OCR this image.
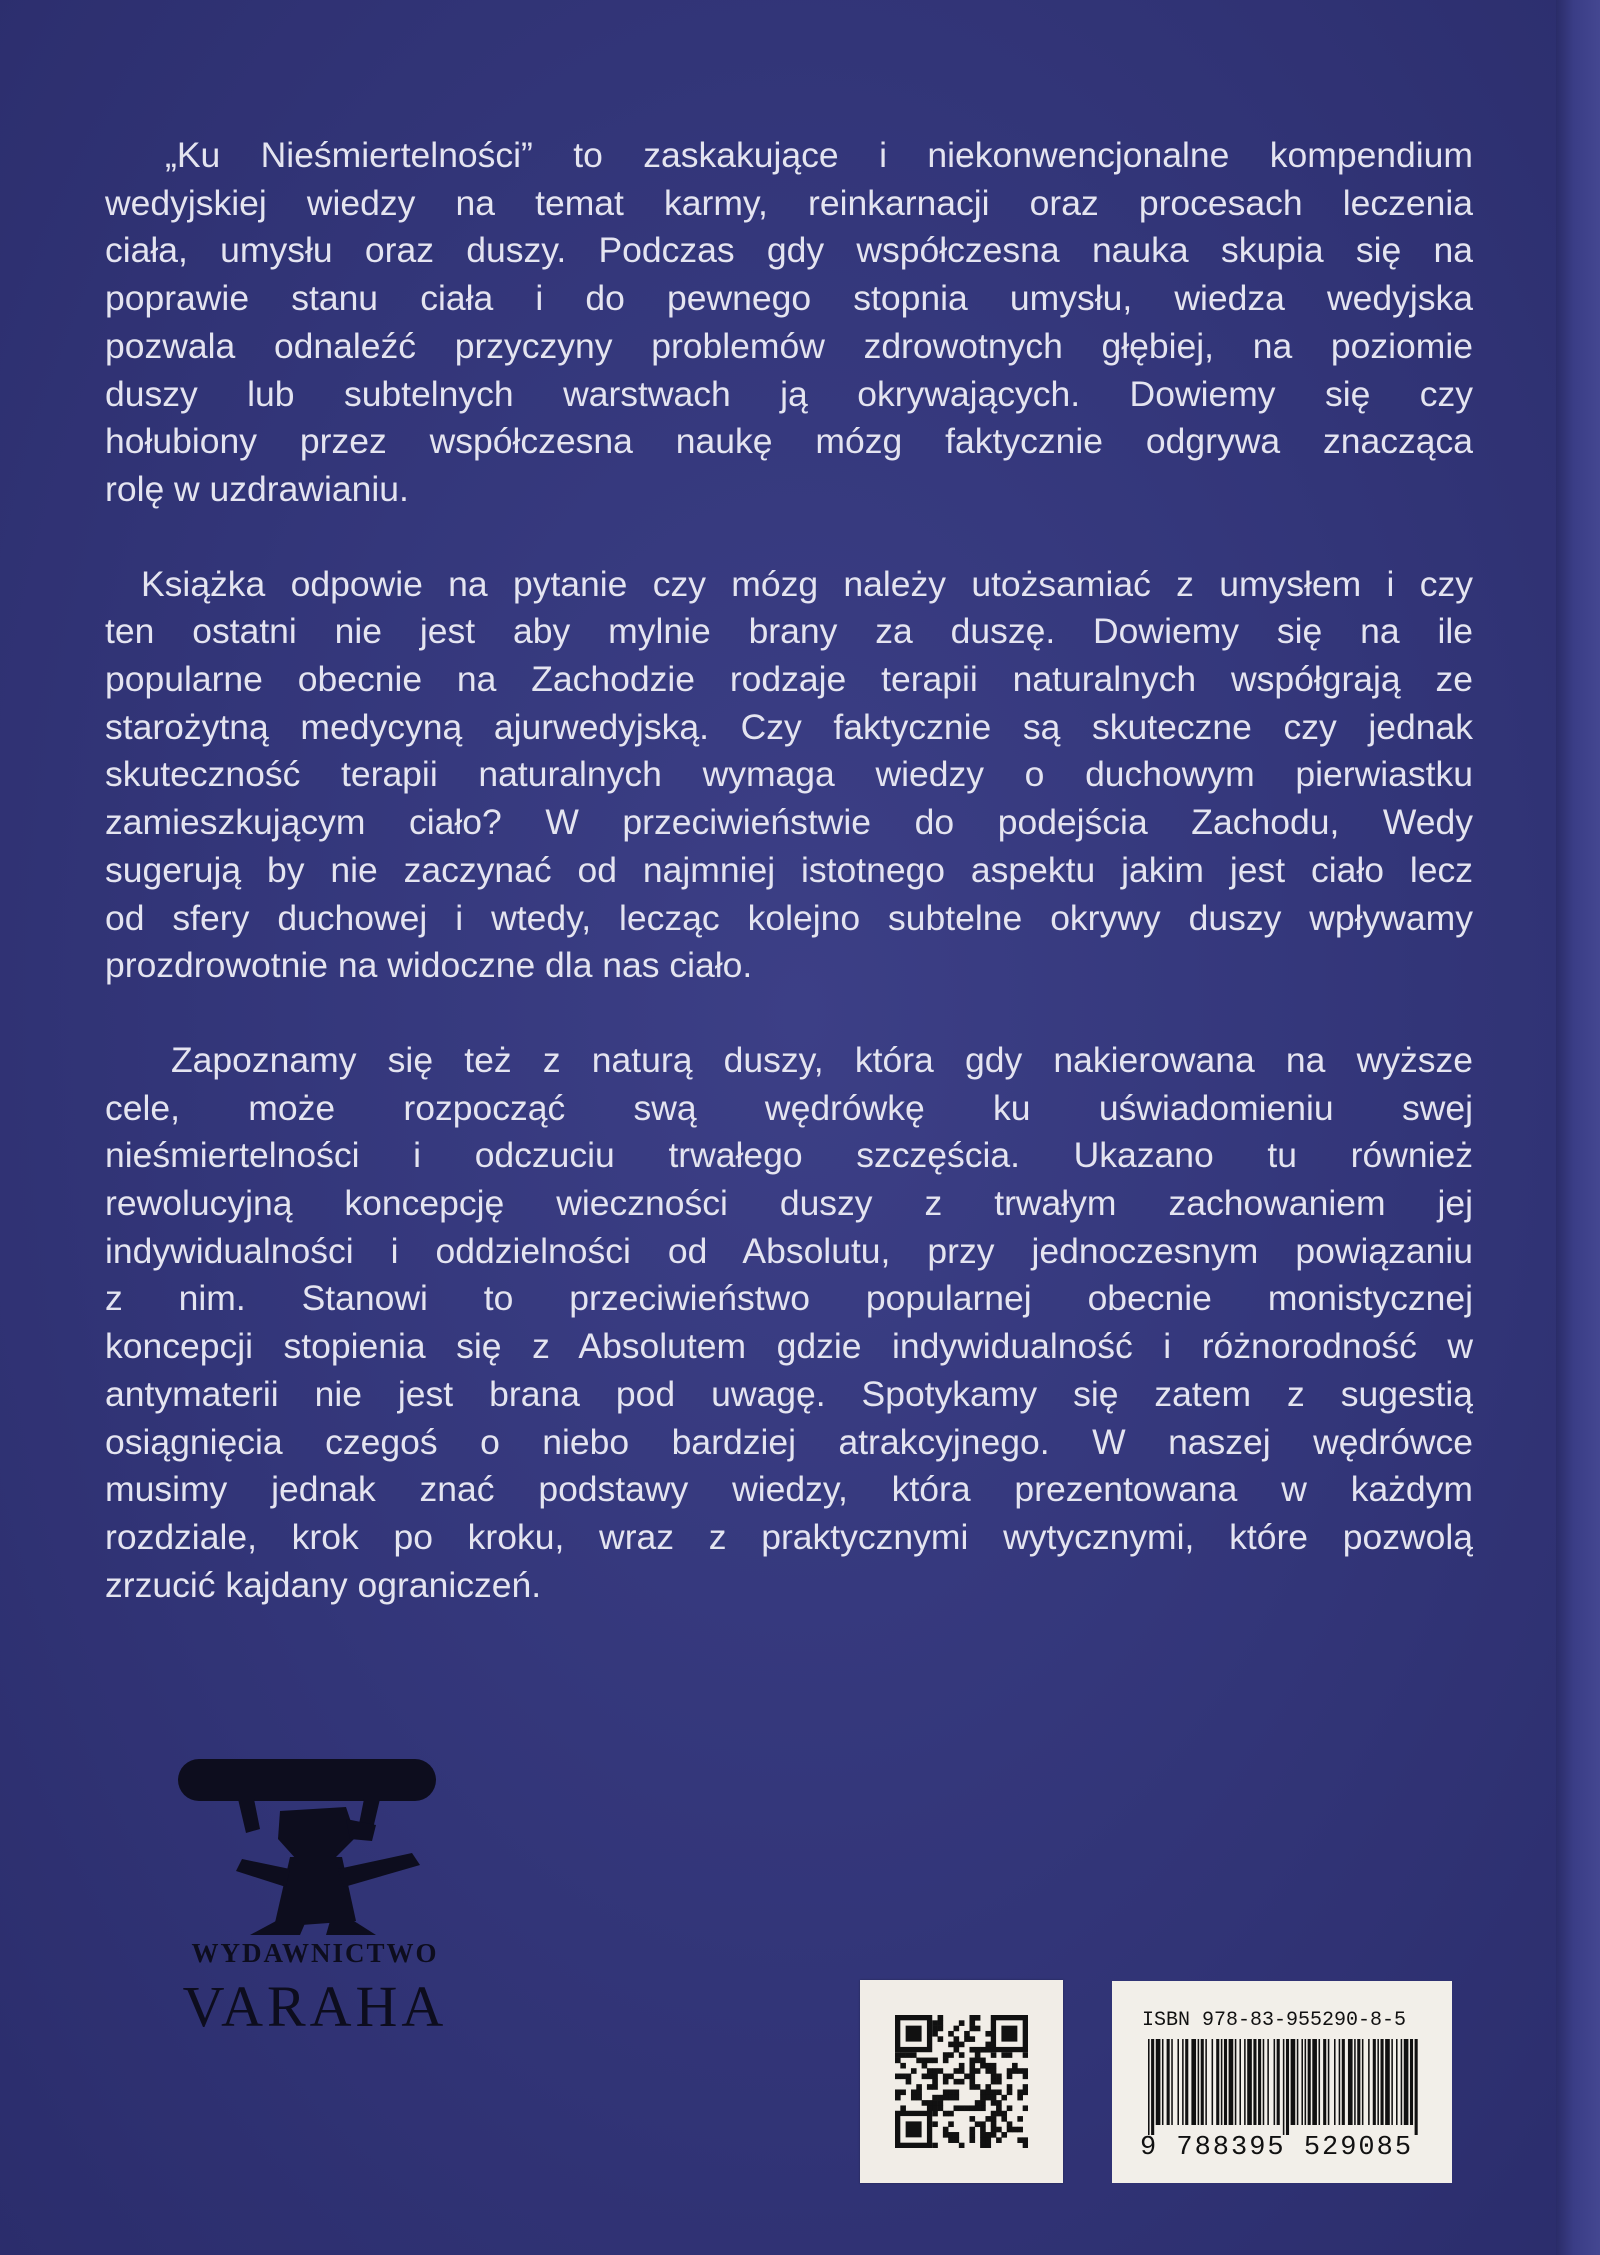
„Ku Nieśmiertelności” to zaskakujące i niekonwencjonalne kompendium
wedyjskiej wiedzy na temat karmy, reinkarnacji oraz procesach leczenia
ciała, umysłu oraz duszy. Podczas gdy współczesna nauka skupia się na
poprawie stanu ciała i do pewnego stopnia umysłu, wiedza wedyjska
pozwala odnaleźć przyczyny problemów zdrowotnych głębiej, na poziomie
duszy lub subtelnych warstwach ją okrywających. Dowiemy się czy
hołubiony przez współczesna naukę mózg faktycznie odgrywa znacząca
rolę w uzdrawianiu.
Książka odpowie na pytanie czy mózg należy utożsamiać z umysłem i czy
ten ostatni nie jest aby mylnie brany za duszę. Dowiemy się na ile
popularne obecnie na Zachodzie rodzaje terapii naturalnych współgrają ze
starożytną medycyną ajurwedyjską. Czy faktycznie są skuteczne czy jednak
skuteczność terapii naturalnych wymaga wiedzy o duchowym pierwiastku
zamieszkującym ciało? W przeciwieństwie do podejścia Zachodu, Wedy
sugerują by nie zaczynać od najmniej istotnego aspektu jakim jest ciało lecz
od sfery duchowej i wtedy, lecząc kolejno subtelne okrywy duszy wpływamy
prozdrowotnie na widoczne dla nas ciało.
Zapoznamy się też z naturą duszy, która gdy nakierowana na wyższe
cele, może rozpocząć swą wędrówkę ku uświadomieniu swej
nieśmiertelności i odczuciu trwałego szczęścia. Ukazano tu również
rewolucyjną koncepcję wieczności duszy z trwałym zachowaniem jej
indywidualności i oddzielności od Absolutu, przy jednoczesnym powiązaniu
z nim. Stanowi to przeciwieństwo popularnej obecnie monistycznej
koncepcji stopienia się z Absolutem gdzie indywidualność i różnorodność w
antymaterii nie jest brana pod uwagę. Spotykamy się zatem z sugestią
osiągnięcia czegoś o niebo bardziej atrakcyjnego. W naszej wędrówce
musimy jednak znać podstawy wiedzy, która prezentowana w każdym
rozdziale, krok po kroku, wraz z praktycznymi wytycznymi, które pozwolą
zrzucić kajdany ograniczeń.
WYDAWNICTWO
VARAHA	ISBN 978-83-955290-8-5
9 788395 529085
